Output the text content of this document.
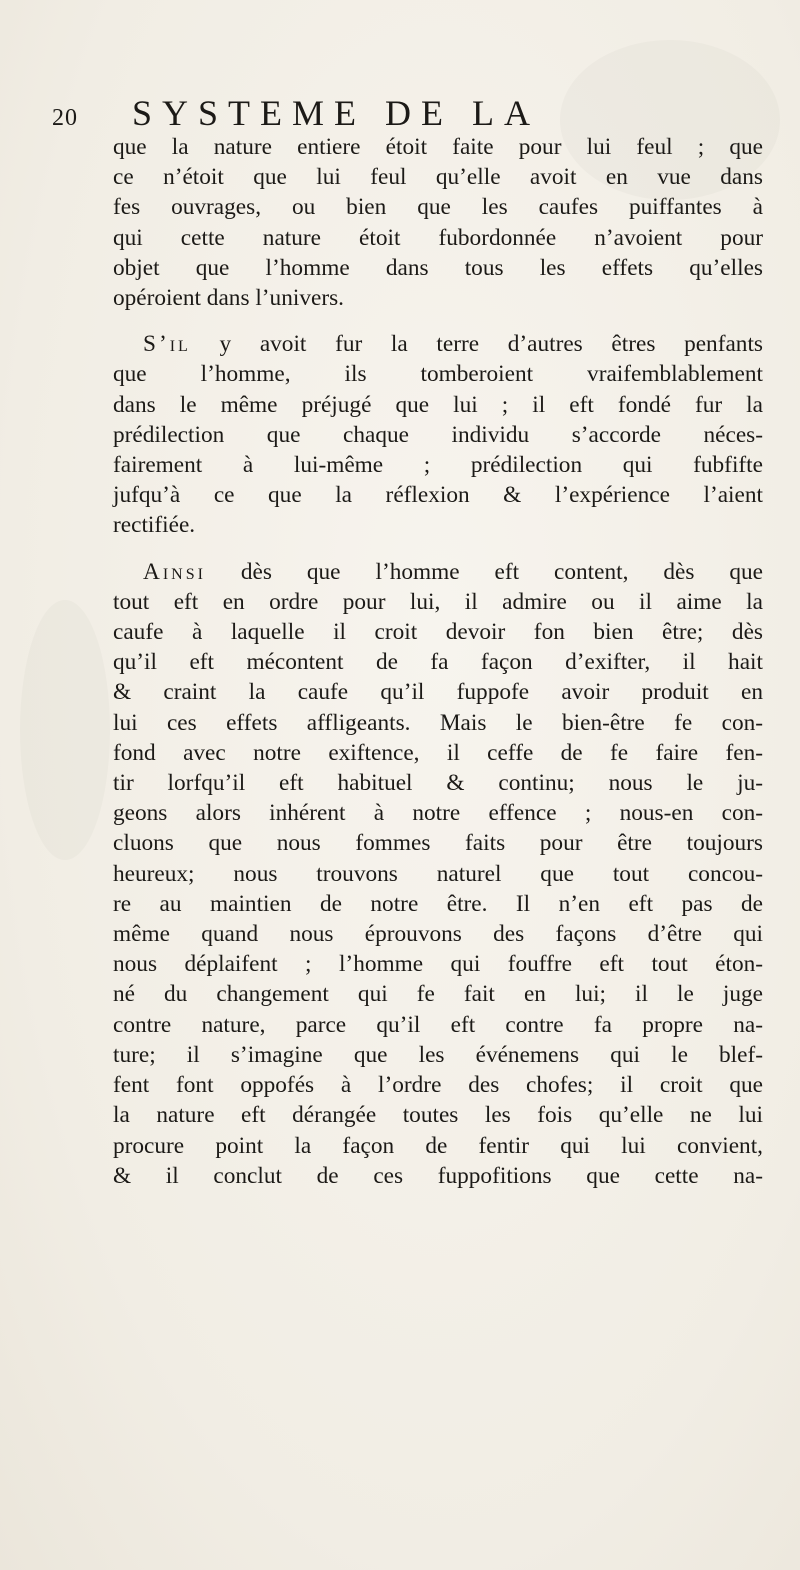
20	SYSTEME DE LA
que la nature entiere étoit faite pour lui feul ; que
ce n’étoit que lui feul qu’elle avoit en vue dans
fes ouvrages, ou bien que les caufes puiffantes à
qui cette nature étoit fubordonnée n’avoient pour
objet que l’homme dans tous les effets qu’elles
opéroient dans l’univers.
S’il y avoit fur la terre d’autres êtres penfants
que l’homme, ils tomberoient vraifemblablement
dans le même préjugé que lui ; il eft fondé fur la
prédilection que chaque individu s’accorde néces-
fairement à lui-même ; prédilection qui fubfifte
jufqu’à ce que la réflexion & l’expérience l’aient
rectifiée.
Ainsi dès que l’homme eft content, dès que
tout eft en ordre pour lui, il admire ou il aime la
caufe à laquelle il croit devoir fon bien être; dès
qu’il eft mécontent de fa façon d’exifter, il hait
& craint la caufe qu’il fuppofe avoir produit en
lui ces effets affligeants. Mais le bien-être fe con-
fond avec notre exiftence, il ceffe de fe faire fen-
tir lorfqu’il eft habituel & continu; nous le ju-
geons alors inhérent à notre effence ; nous-en con-
cluons que nous fommes faits pour être toujours
heureux; nous trouvons naturel que tout concou-
re au maintien de notre être. Il n’en eft pas de
même quand nous éprouvons des façons d’être qui
nous déplaifent ; l’homme qui fouffre eft tout éton-
né du changement qui fe fait en lui; il le juge
contre nature, parce qu’il eft contre fa propre na-
ture; il s’imagine que les événemens qui le blef-
fent font oppofés à l’ordre des chofes; il croit que
la nature eft dérangée toutes les fois qu’elle ne lui
procure point la façon de fentir qui lui convient,
& il conclut de ces fuppofitions que cette na-
